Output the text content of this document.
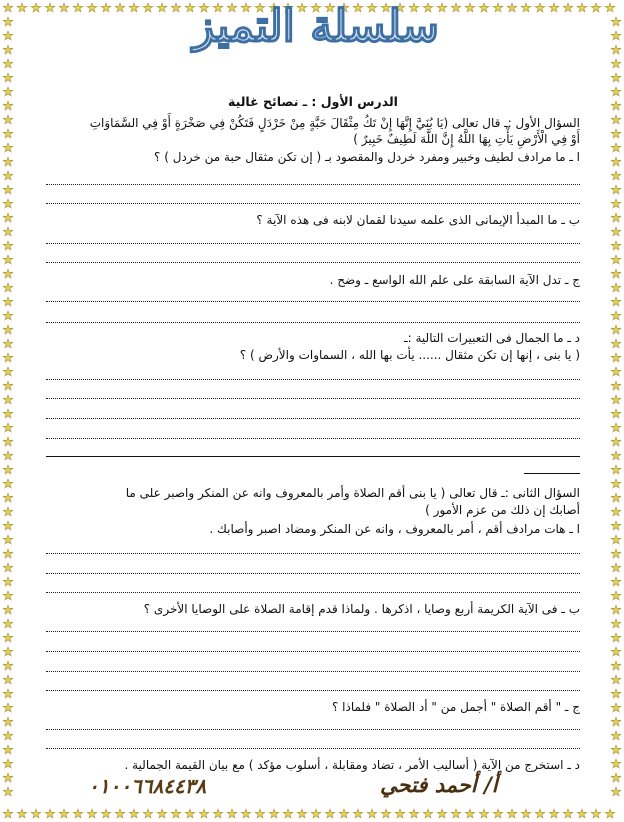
سلسلة التميز
الدرس الأول : ـ نصائح غالية
السؤال الأول :ـ قال تعالى (يَا بُنَيَّ إِنَّهَا إِنْ تَكُ مِثْقَالَ حَبَّةٍ مِنْ خَرْدَلٍ فَتَكُنْ فِي صَخْرَةٍ أَوْ فِي السَّمَاوَاتِ
أَوْ فِي الْأَرْضِ يَأْتِ بِهَا اللَّهُ إِنَّ اللَّهَ لَطِيفٌ خَبِيرٌ )
ا ـ ما مرادف لطيف وخبير ومفرد خردل والمقصود بـ ( إن تكن مثقال حبة من خردل ) ؟
ب ـ ما المبدأ الإيمانى الذى علمه سيدنا لقمان لابنه فى هذه الآية ؟
ج ـ تدل الآية السابقة على علم الله الواسع ـ وضح .
د ـ ما الجمال فى التعبيرات التالية :ـ
( يا بنى ، إنها إن تكن مثقال ...... يأت بها الله ، السماوات والأرض ) ؟
السؤال الثانى :ـ قال تعالى ( يا بنى أقم الصلاة وأمر بالمعروف وانه عن المنكر واصبر على ما
أصابك إن ذلك من عزم الأمور )
ا ـ هات مرادف أقم ، أمر بالمعروف ، وانه عن المنكر ومضاد اصبر وأصابك .
ب ـ فى الآية الكريمة أربع وصايا ، اذكرها . ولماذا قدم إقامة الصلاة على الوصايا الأخرى ؟
ج ـ " أقم الصلاة " أجمل من " أد الصلاة " فلماذا ؟
د ـ استخرج من الآية ( أساليب الأمر ، تضاد ومقابلة ، أسلوب مؤكد ) مع بيان القيمة الجمالية .
٠١٠٠٦٦٨٤٤٣٨	أ/ أحمد فتحي
